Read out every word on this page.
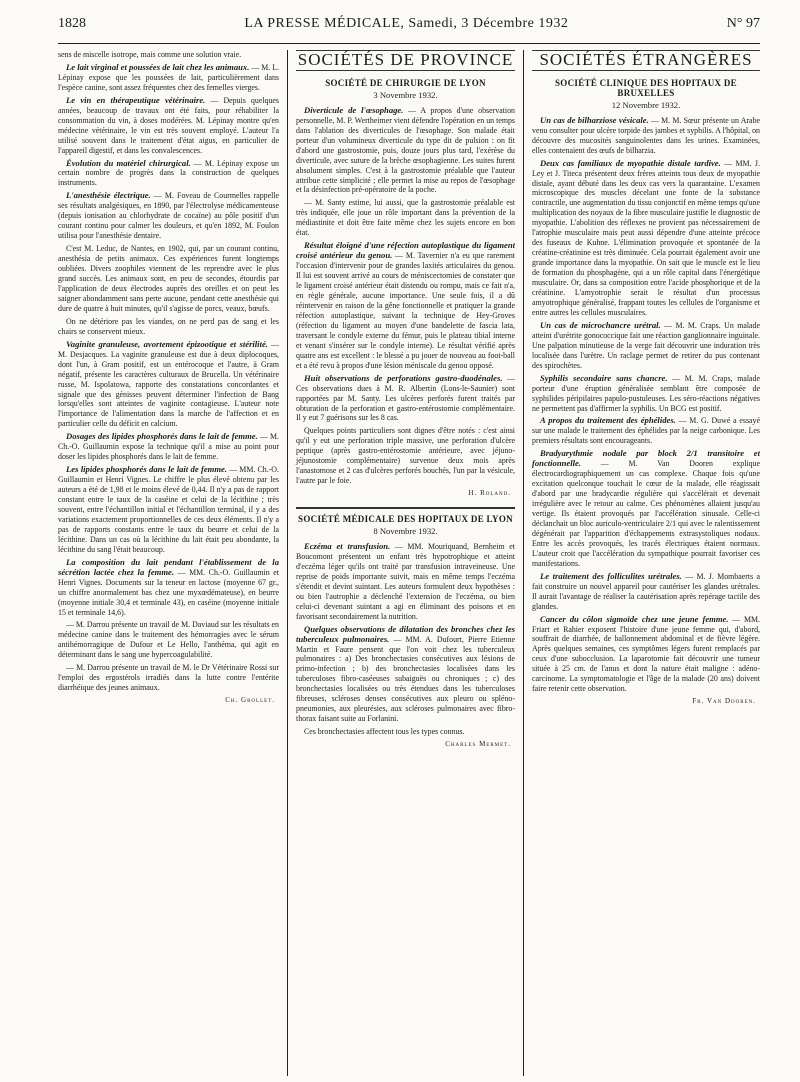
1828	LA PRESSE MÉDICALE, Samedi, 3 Décembre 1932	N° 97

sens de miscelle isotrope, mais comme une solution vraie.

Le lait virginal et poussées de lait chez les animaux. — M. L. Lépinay expose que les poussées de lait, particulièrement dans l'espèce canine, sont assez fréquentes chez des femelles vierges.

Le vin en thérapeutique vétérinaire. — Depuis quelques années, beaucoup de travaux ont été faits, pour réhabiliter la consommation du vin, à doses modérées. M. Lépinay montre qu'en médecine vétérinaire, le vin est très souvent employé. L'auteur l'a utilisé souvent dans le traitement d'état aigus, en particulier de l'appareil digestif, et dans les convalescences.

Évolution du matériel chirurgical. — M. Lépinay expose un certain nombre de progrès dans la construction de quelques instruments.

L'anesthésie électrique. — M. Foveau de Courmelles rappelle ses résultats analgésiques, en 1890, par l'électrolyse médicamenteuse (depuis ionisation au chlorhydrate de cocaïne) au pôle positif d'un courant continu pour calmer les douleurs, et qu'en 1892, M. Foulon utilisa pour l'anesthésie dentaire.

C'est M. Leduc, de Nantes, en 1902, qui, par un courant continu, anesthésia de petits animaux. Ces expériences furent longtemps oubliées. Divers zoophiles viennent de les reprendre avec le plus grand succès. Les animaux sont, en peu de secondes, étourdis par l'application de deux électrodes auprès des oreilles et on peut les saigner abondamment sans perte aucune, pendant cette anesthésie qui dure de quatre à huit minutes, qu'il s'agisse de porcs, veaux, bœufs.

On ne détériore pas les viandes, on ne perd pas de sang et les chairs se conservent mieux.

Vaginite granuleuse, avortement épizootique et stérilité. — M. Desjacques. La vaginite granuleuse est due à deux diplocoques, dont l'un, à Gram positif, est un entérocoque et l'autre, à Gram négatif, présente les caractères culturaux de Brucella. Un vétérinaire russe, M. Ispolatowa, rapporte des constatations concordantes et signale que des génisses peuvent déterminer l'infection de Bang lorsqu'elles sont atteintes de vaginite contagieuse. L'auteur note l'importance de l'alimentation dans la marche de l'affection et en particulier celle du déficit en calcium.

Dosages des lipides phosphorés dans le lait de femme. — M. Ch.-O. Guillaumin expose la technique qu'il a mise au point pour doser les lipides phosphorés dans le lait de femme.

Les lipides phosphorés dans le lait de femme. — MM. Ch.-O. Guillaumin et Henri Vignes. Le chiffre le plus élevé obtenu par les auteurs a été de 1,98 et le moins élevé de 0,44. Il n'y a pas de rapport constant entre le taux de la caséine et celui de la lécithine ; très souvent, entre l'échantillon initial et l'échantillon terminal, il y a des variations exactement proportionnelles de ces deux éléments. Il n'y a pas de rapports constants entre le taux du beurre et celui de la lécithine. Dans un cas où la lécithine du lait était peu abondante, la lécithine du sang l'était beaucoup.

La composition du lait pendant l'établissement de la sécrétion lactée chez la femme. — MM. Ch.-O. Guillaumin et Henri Vignes. Documents sur la teneur en lactose (moyenne 67 gr., un chiffre anormalement bas chez une myxœdémateuse), en beurre (moyenne initiale 30,4 et terminale 43), en caséine (moyenne initiale 15 et terminale 14,6).

— M. Darrou présente un travail de M. Daviaud sur les résultats en médecine canine dans le traitement des hémorragies avec le sérum antihémorragique de Dufour et Le Hello, l'anthéma, qui agit en déterminant dans le sang une hypercoagulabilité.

— M. Darrou présente un travail de M. le Dr Vétérinaire Rossi sur l'emploi des ergostérols irradiés dans la lutte contre l'entérite diarrhéique des jeunes animaux.

Ch. Grollet.
SOCIÉTÉS DE PROVINCE
SOCIÉTÉ DE CHIRURGIE DE LYON
3 Novembre 1932.

Diverticule de l'œsophage. — A propos d'une observation personnelle, M. P. Wertheimer vient défendre l'opération en un temps dans l'ablation des diverticules de l'œsophage. Son malade était porteur d'un volumineux diverticule du type dit de pulsion : on fit d'abord une gastrostomie, puis, douze jours plus tard, l'exérèse du diverticule, avec suture de la brèche œsophagienne. Les suites furent absolument simples. C'est à la gastrostomie préalable que l'auteur attribue cette simplicité ; elle permet la mise au repos de l'œsophage et la désinfection pré-opératoire de la poche.

— M. Santy estime, lui aussi, que la gastrostomie préalable est très indiquée, elle joue un rôle important dans la prévention de la médiastinite et doit être faite même chez les sujets encore en bon état.

Résultat éloigné d'une réfection autoplastique du ligament croisé antérieur du genou. — M. Tavernier n'a eu que rarement l'occasion d'intervenir pour de grandes laxités articulaires du genou. Il lui est souvent arrivé au cours de méniscectomies de constater que le ligament croisé antérieur était distendu ou rompu, mais ce fait n'a, en règle générale, aucune importance. Une seule fois, il a dû réintervenir en raison de la gêne fonctionnelle et pratiquer la grande réfection autoplastique, suivant la technique de Hey-Groves (réfection du ligament au moyen d'une bandelette de fascia lata, traversant le condyle externe du fémur, puis le plateau tibial interne et venant s'insérer sur le condyle interne). Le résultat vérifié après quatre ans est excellent : le blessé a pu jouer de nouveau au foot-ball et a été revu à propos d'une lésion méniscale du genou opposé.

Huit observations de perforations gastro-duodénales. — Ces observations dues à M. R. Albertin (Lons-le-Saunier) sont rapportées par M. Santy. Les ulcères perforés furent traités par obturation de la perforation et gastro-entérostomie complémentaire. Il y eut 7 guérisons sur les 8 cas.

Quelques points particuliers sont dignes d'être notés : c'est ainsi qu'il y eut une perforation triple massive, une perforation d'ulcère peptique (après gastro-entérostomie antérieure, avec jéjuno-jéjunostomie complémentaire) survenue deux mois après l'anastomose et 2 cas d'ulcères perforés bouchés, l'un par la vésicule, l'autre par le foie.

H. Roland.
SOCIÉTÉ MÉDICALE DES HOPITAUX DE LYON
8 Novembre 1932.

Eczéma et transfusion. — MM. Mouriquand, Bernheim et Boucomont présentent un enfant très hypotrophique et atteint d'eczéma léger qu'ils ont traité par transfusion intraveineuse. Une reprise de poids importante suivit, mais en même temps l'eczéma s'étendit et devint suintant. Les auteurs formulent deux hypothèses : ou bien l'autrophie a déclenché l'extension de l'eczéma, ou bien celui-ci devenant suintant a agi en éliminant des poisons et en favorisant secondairement la nutrition.

Quelques observations de dilatation des bronches chez les tuberculeux pulmonaires. — MM. A. Dufourt, Pierre Etienne Martin et Faure pensent que l'on voit chez les tuberculeux pulmonaires : a) Des bronchectasies consécutives aux lésions de primo-infection ; b) des bronchectasies localisées dans les tuberculoses fibro-caséeuses subaiguës ou chroniques ; c) des bronchectasies localisées ou très étendues dans les tuberculoses fibreuses, scléroses denses consécutives aux pleuro ou spléno-pneumonies, aux pleurésies, aux scléroses pulmonaires avec fibro-thorax faisant suite au Forlanini.

Ces bronchectasies affectent tous les types connus.

Charles Mermet.
SOCIÉTÉS ÉTRANGÈRES
SOCIÉTÉ CLINIQUE DES HOPITAUX DE BRUXELLES
12 Novembre 1932.

Un cas de bilharziose vésicale. — M. M. Sœur présente un Arabe venu consulter pour ulcère torpide des jambes et syphilis. A l'hôpital, on découvre des mucosités sanguinolentes dans les urines. Examinées, elles contenaient des œufs de bilharzia.

Deux cas familiaux de myopathie distale tardive. — MM. J. Ley et J. Titeca présentent deux frères atteints tous deux de myopathie distale, ayant débuté dans les deux cas vers la quarantaine. L'examen microscopique des muscles décelant une fonte de la substance contractile, une augmentation du tissu conjonctif en même temps qu'une multiplication des noyaux de la fibre musculaire justifie le diagnostic de myopathie. L'abolition des réflexes ne provient pas nécessairement de l'atrophie musculaire mais peut aussi dépendre d'une atteinte précoce des fuseaux de Kuhne. L'élimination provoquée et spontanée de la créatine-créatinine est très diminuée. Cela pourrait également avoir une grande importance dans la myopathie. On sait que le muscle est le lieu de formation du phosphagène, qui a un rôle capital dans l'énergétique musculaire. Or, dans sa composition entre l'acide phosphorique et de la créatinine. L'amyotrophie serait le résultat d'un processus amyotrophique généralisé, frappant toutes les cellules de l'organisme et entre autres les cellules musculaires.

Un cas de microchancre urétral. — M. M. Craps. Un malade atteint d'urétrite gonococcique fait une réaction ganglionnaire inguinale. Une palpation minutieuse de la verge fait découvrir une induration très localisée dans l'urètre. Un raclage permet de retirer du pus contenant des spirochètes.

Syphilis secondaire sans chancre. — M. M. Craps, malade porteur d'une éruption généralisée semblant être composée de syphilides péripilaires papulo-pustuleuses. Les séro-réactions négatives ne permettent pas d'affirmer la syphilis. Un BCG est positif.

A propos du traitement des éphélides. — M. G. Duwé a essayé sur une malade le traitement des éphélides par la neige carbonique. Les premiers résultats sont encourageants.

Bradyarythmie nodale par block 2/1 transitoire et fonctionnelle.	— M. Van Dooren explique électrocardiographiquement un cas complexe. Chaque fois qu'une excitation quelconque touchait le cœur de la malade, elle réagissait d'abord par une bradycardie régulière qui s'accélérait et devenait irrégulière avec le retour au calme. Ces phénomènes allaient jusqu'au vertige. Ils étaient provoqués par l'accélération sinusale. Celle-ci déclanchait un bloc auriculo-ventriculaire 2/1 qui avec le ralentissement dégénérait par l'apparition d'échappements extrasystoliques nodaux. Entre les accès provoqués, les tracés électriques étaient normaux. L'auteur croit que l'accélération du sympathique pourrait favoriser ces manifestations.

Le traitement des folliculites urétrales. — M. J. Mombaerts a fait construire un nouvel appareil pour cautériser les glandes urétrales. Il aurait l'avantage de réaliser la cautérisation après repérage tactile des glandes.

Cancer du côlon sigmoïde chez une jeune femme. — MM. Friart et Rahier exposent l'histoire d'une jeune femme qui, d'abord, souffrait de diarrhée, de ballonnement abdominal et de fièvre légère. Après quelques semaines, ces symptômes légers furent remplacés par ceux d'une subocclusion. La laparotomie fait découvrir une tumeur située à 25 cm. de l'anus et dont la nature était maligne : adéno-carcinome. La symptomatologie et l'âge de la malade (20 ans) doivent faire retenir cette observation.

Fr. Van Dooren.
